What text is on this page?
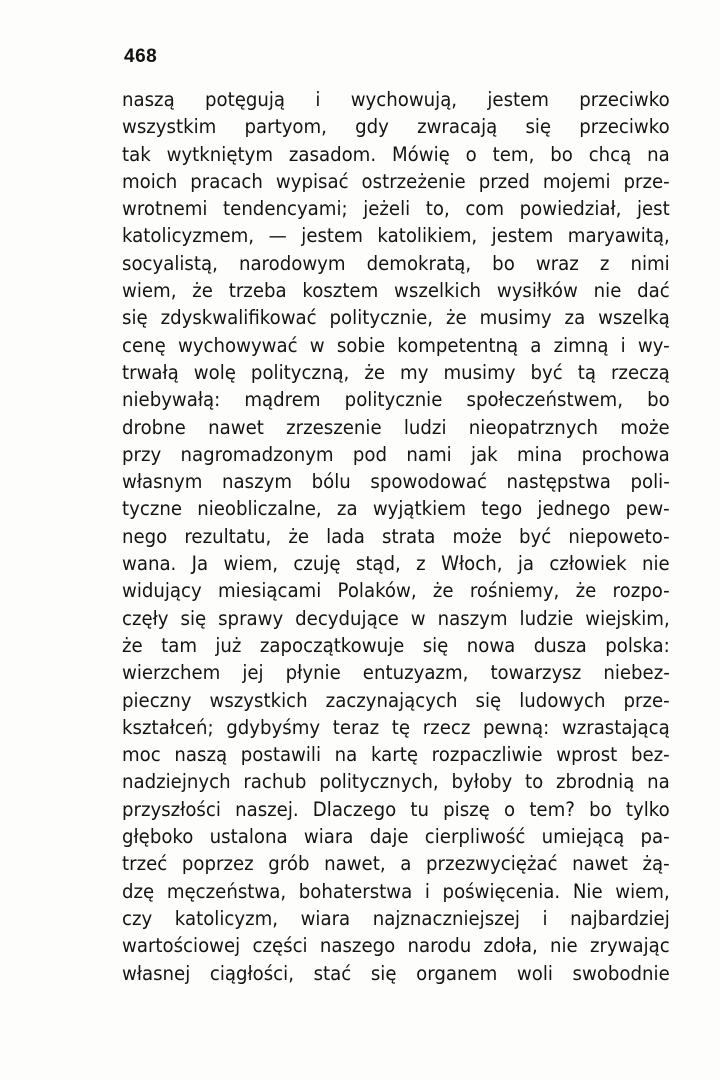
468
naszą potęgują i wychowują, jestem przeciwko
wszystkim partyom, gdy zwracają się przeciwko
tak wytkniętym zasadom. Mówię o tem, bo chcą na
moich pracach wypisać ostrzeżenie przed mojemi prze-
wrotnemi tendencyami; jeżeli to, com powiedział, jest
katolicyzmem, — jestem katolikiem, jestem maryawitą,
socyalistą, narodowym demokratą, bo wraz z nimi
wiem, że trzeba kosztem wszelkich wysiłków nie dać
się zdyskwalifikować politycznie, że musimy za wszelką
cenę wychowywać w sobie kompetentną a zimną i wy-
trwałą wolę polityczną, że my musimy być tą rzeczą
niebywałą: mądrem politycznie społeczeństwem, bo
drobne nawet zrzeszenie ludzi nieopatrznych może
przy nagromadzonym pod nami jak mina prochowa
własnym naszym bólu spowodować następstwa poli-
tyczne nieobliczalne, za wyjątkiem tego jednego pew-
nego rezultatu, że lada strata może być niepoweto-
wana. Ja wiem, czuję stąd, z Włoch, ja człowiek nie
widujący miesiącami Polaków, że rośniemy, że rozpo-
częły się sprawy decydujące w naszym ludzie wiejskim,
że tam już zapoczątkowuje się nowa dusza polska:
wierzchem jej płynie entuzyazm, towarzysz niebez-
pieczny wszystkich zaczynających się ludowych prze-
kształceń; gdybyśmy teraz tę rzecz pewną: wzrastającą
moc naszą postawili na kartę rozpaczliwie wprost bez-
nadziejnych rachub politycznych, byłoby to zbrodnią na
przyszłości naszej. Dlaczego tu piszę o tem? bo tylko
głęboko ustalona wiara daje cierpliwość umiejącą pa-
trzeć poprzez grób nawet, a przezwyciężać nawet żą-
dzę męczeństwa, bohaterstwa i poświęcenia. Nie wiem,
czy katolicyzm, wiara najznaczniejszej i najbardziej
wartościowej części naszego narodu zdoła, nie zrywając
własnej ciągłości, stać się organem woli swobodnie
